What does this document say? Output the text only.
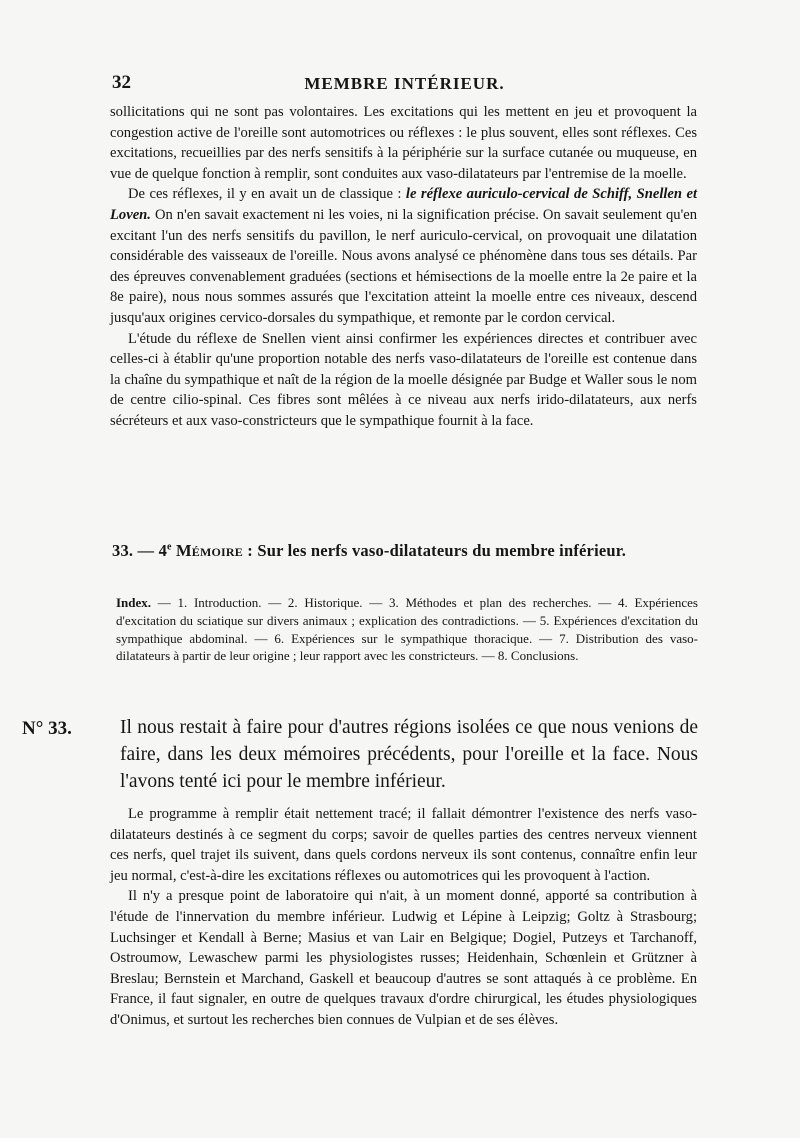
32	MEMBRE INTÉRIEUR.

sollicitations qui ne sont pas volontaires. Les excitations qui les mettent en jeu et provoquent la congestion active de l'oreille sont automotrices ou réflexes : le plus souvent, elles sont réflexes. Ces excitations, recueillies par des nerfs sensitifs à la périphérie sur la surface cutanée ou muqueuse, en vue de quelque fonction à remplir, sont conduites aux vaso-dilatateurs par l'entremise de la moelle.

De ces réflexes, il y en avait un de classique : le réflexe auriculo-cervical de Schiff, Snellen et Loven. On n'en savait exactement ni les voies, ni la signification précise. On savait seulement qu'en excitant l'un des nerfs sensitifs du pavillon, le nerf auriculo-cervical, on provoquait une dilatation considérable des vaisseaux de l'oreille. Nous avons analysé ce phénomène dans tous ses détails. Par des épreuves convenablement graduées (sections et hémisections de la moelle entre la 2e paire et la 8e paire), nous nous sommes assurés que l'excitation atteint la moelle entre ces niveaux, descend jusqu'aux origines cervico-dorsales du sympathique, et remonte par le cordon cervical.

L'étude du réflexe de Snellen vient ainsi confirmer les expériences directes et contribuer avec celles-ci à établir qu'une proportion notable des nerfs vaso-dilatateurs de l'oreille est contenue dans la chaîne du sympathique et naît de la région de la moelle désignée par Budge et Waller sous le nom de centre cilio-spinal. Ces fibres sont mêlées à ce niveau aux nerfs irido-dilatateurs, aux nerfs sécréteurs et aux vaso-constricteurs que le sympathique fournit à la face.

33. — 4e Mémoire : Sur les nerfs vaso-dilatateurs du membre inférieur.

Index. — 1. Introduction. — 2. Historique. — 3. Méthodes et plan des recherches. — 4. Expériences d'excitation du sciatique sur divers animaux ; explication des contradictions. — 5. Expériences d'excitation du sympathique abdominal. — 6. Expériences sur le sympathique thoracique. — 7. Distribution des vaso-dilatateurs à partir de leur origine ; leur rapport avec les constricteurs. — 8. Conclusions.

N° 33. Il nous restait à faire pour d'autres régions isolées ce que nous venions de faire, dans les deux mémoires précédents, pour l'oreille et la face. Nous l'avons tenté ici pour le membre inférieur.

Le programme à remplir était nettement tracé; il fallait démontrer l'existence des nerfs vaso-dilatateurs destinés à ce segment du corps; savoir de quelles parties des centres nerveux viennent ces nerfs, quel trajet ils suivent, dans quels cordons nerveux ils sont contenus, connaître enfin leur jeu normal, c'est-à-dire les excitations réflexes ou automotrices qui les provoquent à l'action.

Il n'y a presque point de laboratoire qui n'ait, à un moment donné, apporté sa contribution à l'étude de l'innervation du membre inférieur. Ludwig et Lépine à Leipzig; Goltz à Strasbourg; Luchsinger et Kendall à Berne; Masius et van Lair en Belgique; Dogiel, Putzeys et Tarchanoff, Ostroumow, Lewaschew parmi les physiologistes russes; Heidenhain, Schœnlein et Grützner à Breslau; Bernstein et Marchand, Gaskell et beaucoup d'autres se sont attaqués à ce problème. En France, il faut signaler, en outre de quelques travaux d'ordre chirurgical, les études physiologiques d'Onimus, et surtout les recherches bien connues de Vulpian et de ses élèves.
